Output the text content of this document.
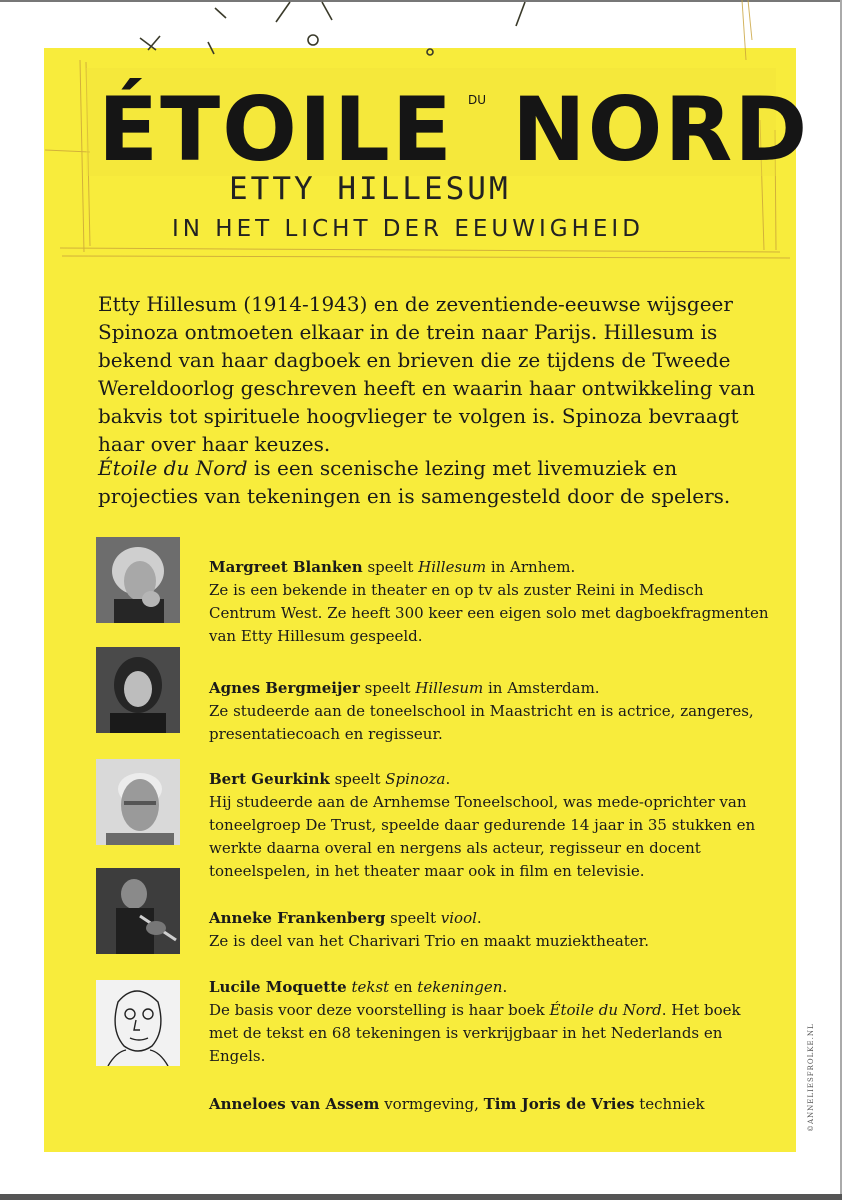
ÉTOILE DU NORD
ETTY HILLESUM
IN HET LICHT DER EEUWIGHEID

Etty Hillesum (1914-1943) en de zeventiende-eeuwse wijsgeer Spinoza ontmoeten elkaar in de trein naar Parijs. Hillesum is bekend van haar dagboek en brieven die ze tijdens de Tweede Wereldoorlog geschreven heeft en waarin haar ontwikkeling van bakvis tot spirituele hoogvlieger te volgen is. Spinoza bevraagt haar over haar keuzes.

Étoile du Nord is een scenische lezing met livemuziek en projecties van tekeningen en is samengesteld door de spelers.

Margreet Blanken speelt Hillesum in Arnhem.
Ze is een bekende in theater en op tv als zuster Reini in Medisch Centrum West. Ze heeft 300 keer een eigen solo met dagboekfragmenten van Etty Hillesum gespeeld.
Agnes Bergmeijer speelt Hillesum in Amsterdam.
Ze studeerde aan de toneelschool in Maastricht en is actrice, zangeres, presentatiecoach en regisseur.
Bert Geurkink speelt Spinoza.
Hij studeerde aan de Arnhemse Toneelschool, was mede-oprichter van toneelgroep De Trust, speelde daar gedurende 14 jaar in 35 stukken en werkte daarna overal en nergens als acteur, regisseur en docent toneelspelen, in het theater maar ook in film en televisie.
Anneke Frankenberg speelt viool.
Ze is deel van het Charivari Trio en maakt muziektheater.
Lucile Moquette tekst en tekeningen.
De basis voor deze voorstelling is haar boek Étoile du Nord. Het boek met de tekst en 68 tekeningen is verkrijgbaar in het Nederlands en Engels.
Anneloes van Assem vormgeving, Tim Joris de Vries techniek	©ANNELIESFROLKE.NL
